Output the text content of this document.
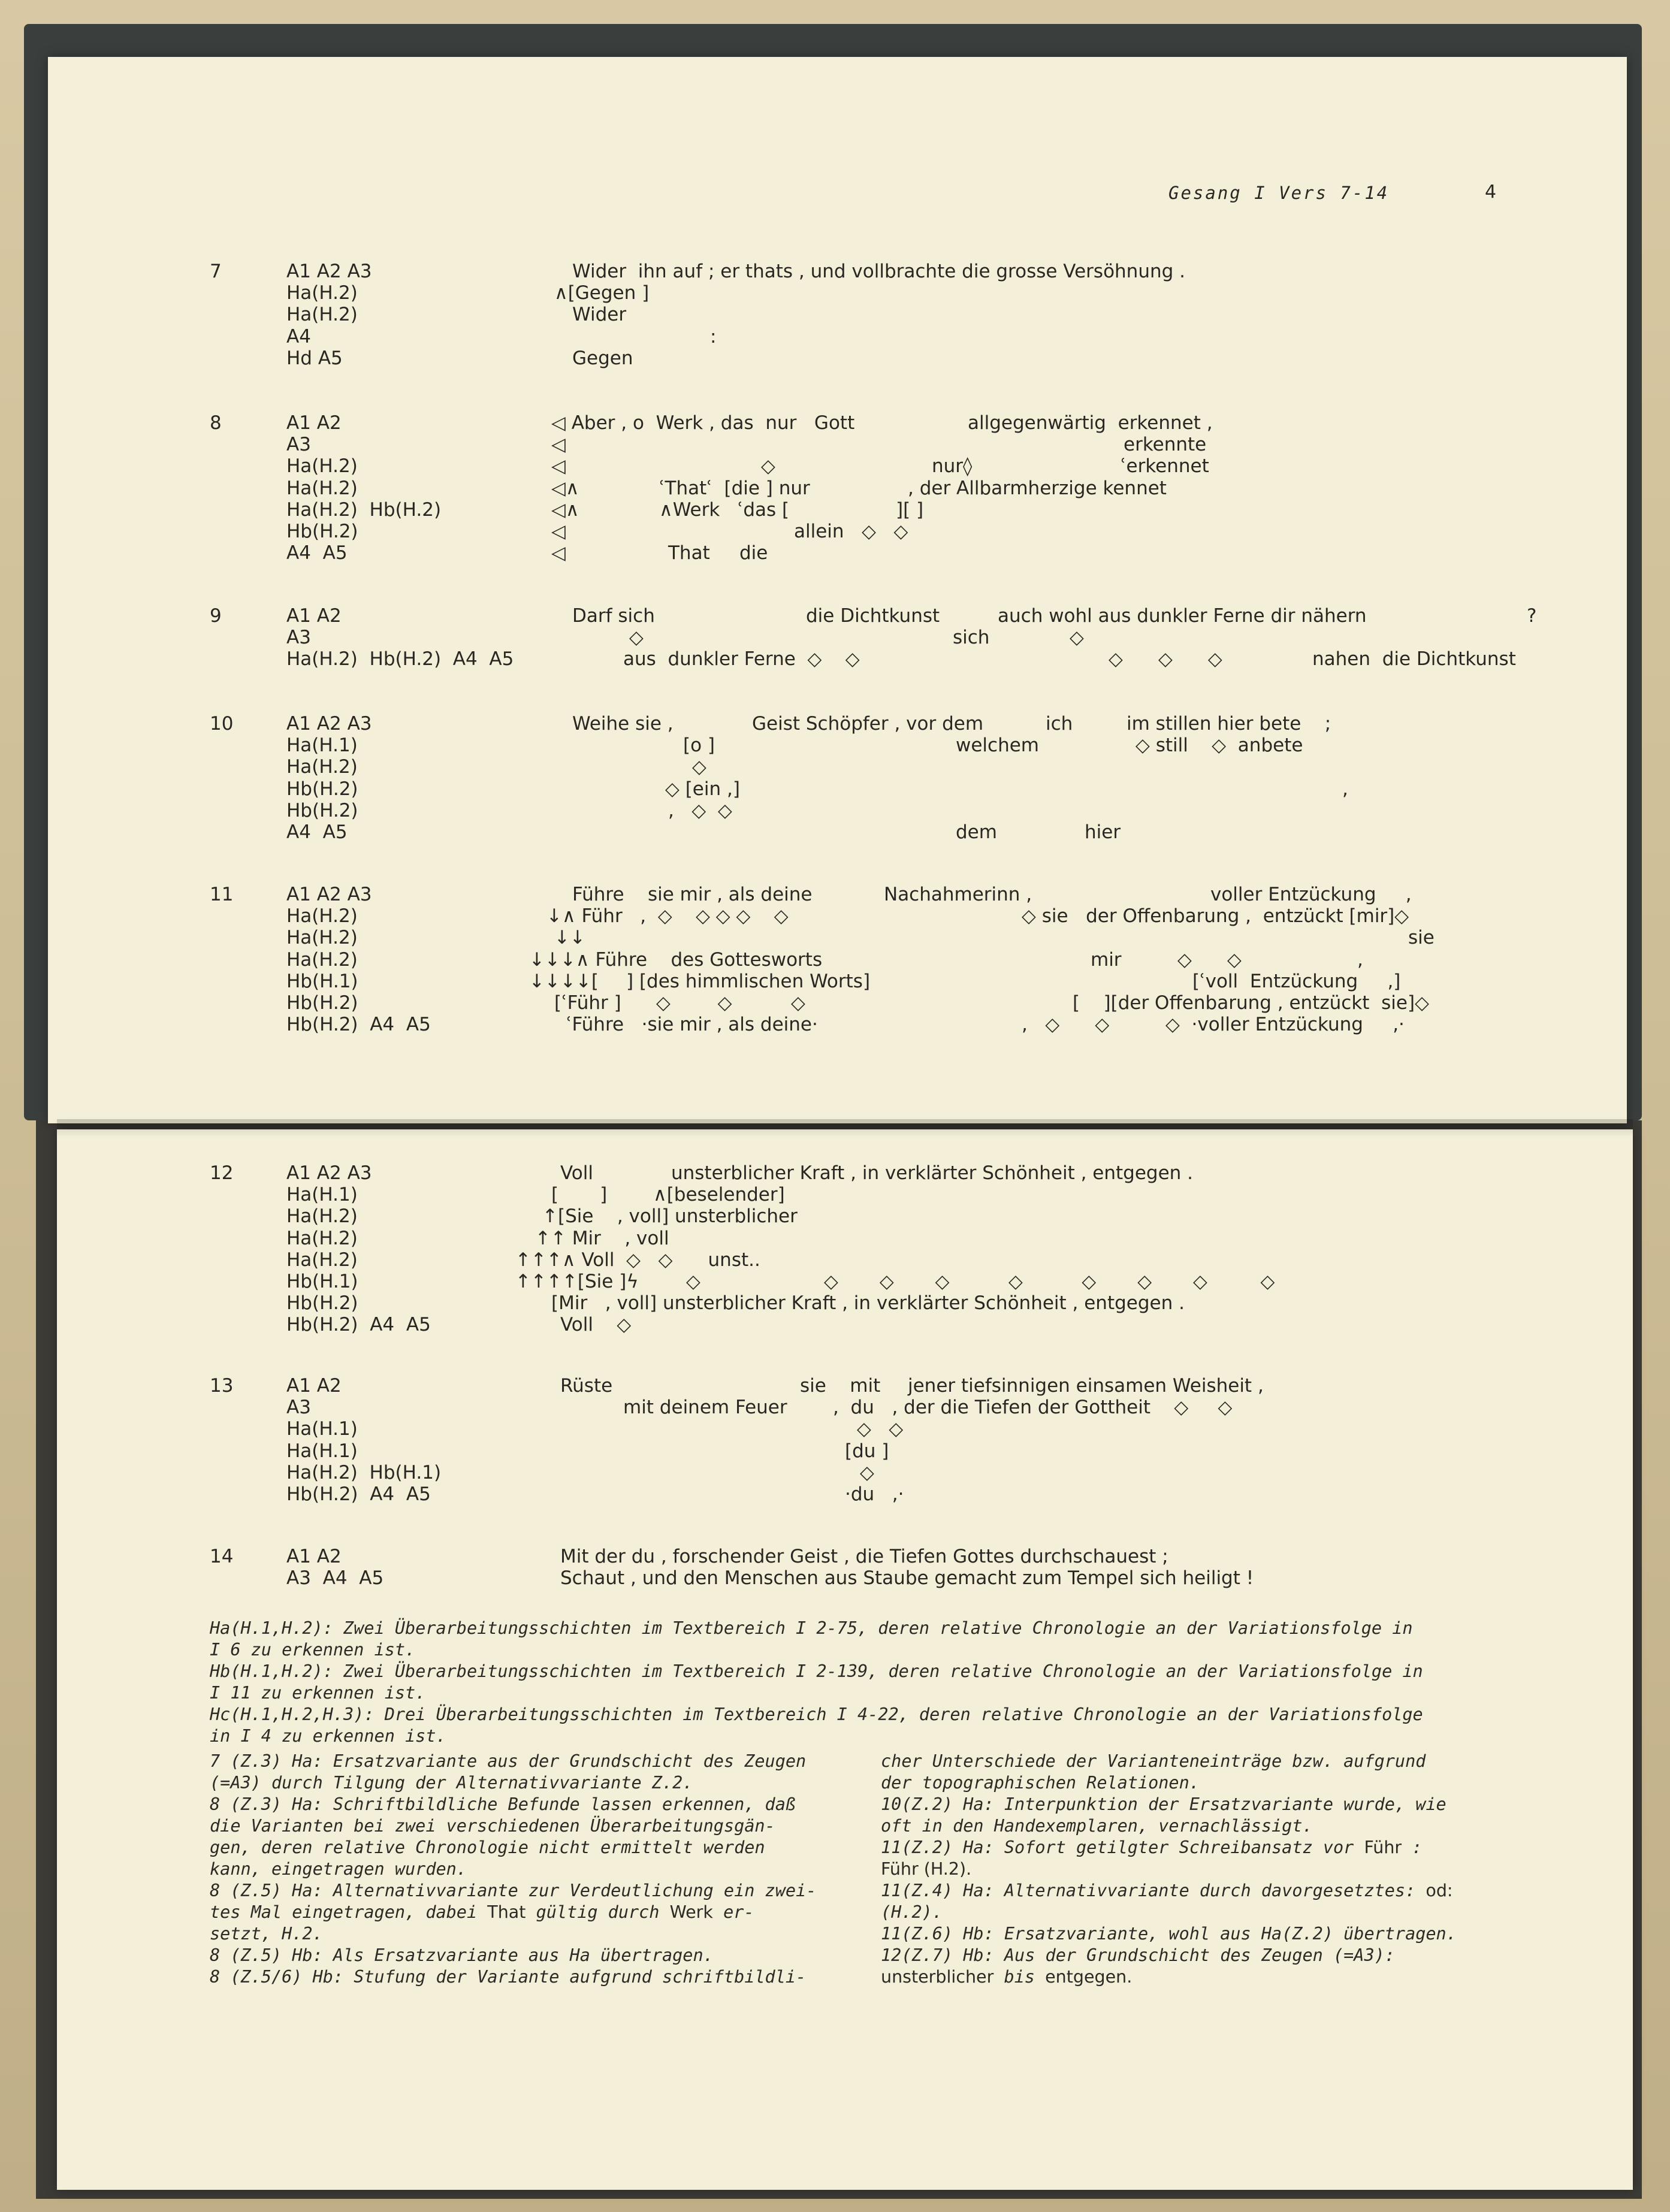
Gesang I Vers 7-14	4
7	A1 A2 A3	Wider  ihn auf ; er thats , und vollbrachte die grosse Versöhnung .
Ha(H.2)	∧[Gegen ]
Ha(H.2)	Wider
A4	:
Hd A5	Gegen
8	A1 A2	◁ Aber , o  Werk , das  nur   Gott	allgegenwärtig  erkennet ,
A3	◁	erkennte
Ha(H.2)	◁	◇	nur◊	ʿerkennet
Ha(H.2)	◁∧	ʿThatʿ  [die ] nur	, der Allbarmherzige kennet
Ha(H.2)  Hb(H.2)	◁∧	∧Werk   ʿdas [	][ ]
Hb(H.2)	◁	allein   ◇   ◇
A4  A5	◁	That     die
9	A1 A2	Darf sich	die Dichtkunst	auch wohl aus dunkler Ferne dir nähern	?
A3	◇	sich	◇
Ha(H.2)  Hb(H.2)  A4  A5	aus  dunkler Ferne  ◇    ◇	◇      ◇      ◇	nahen  die Dichtkunst
10	A1 A2 A3	Weihe sie ,	Geist Schöpfer , vor dem	ich	im stillen hier bete    ;
Ha(H.1)	[o ]	welchem	◇ still    ◇  anbete
Ha(H.2)	◇
Hb(H.2)	◇ [ein ,]	,
Hb(H.2)	,   ◇  ◇
A4  A5	dem	hier
11	A1 A2 A3	Führe    sie mir , als deine	Nachahmerinn ,	voller Entzückung     ,
Ha(H.2)	↓∧ Führ   ,  ◇    ◇ ◇ ◇    ◇	◇ sie   der Offenbarung ,  entzückt [mir]◇
Ha(H.2)	↓↓	sie
Ha(H.2)	↓↓↓∧ Führe    des Gottesworts	mir	◇      ◇	,
Hb(H.1)	↓↓↓↓[ ] [des himmlischen Worts]	[ʿvoll  Entzückung     ,]
Hb(H.2)	[ʿFühr ] ◇        ◇          ◇	[    ][der Offenbarung , entzückt  sie]◇
Hb(H.2)  A4  A5	ʿFühre   ·sie mir , als deine·	,   ◇      ◇	◇  ·voller Entzückung     ,·
12	A1 A2 A3	Voll	unsterblicher Kraft , in verklärter Schönheit , entgegen .
Ha(H.1)	[       ] ∧[beselender]
Ha(H.2)	↑[Sie    , voll] unsterblicher
Ha(H.2)	↑↑ Mir    , voll
Ha(H.2)	↑↑↑∧ Voll  ◇   ◇      unst..
Hb(H.1)	↑↑↑↑[Sie ]ϟ	◇	◇       ◇       ◇          ◇          ◇       ◇       ◇         ◇
Hb(H.2)	[Mir   , voll] unsterblicher Kraft , in verklärter Schönheit , entgegen .
Hb(H.2)  A4  A5	Voll    ◇
13	A1 A2	Rüste	sie    mit jener tiefsinnigen einsamen Weisheit ,
A3	mit deinem Feuer ,  du   , der die Tiefen der Gottheit    ◇     ◇
Ha(H.1)	◇   ◇
Ha(H.1)	[du ]
Ha(H.2)  Hb(H.1)	◇
Hb(H.2)  A4  A5	·du   ,·
14	A1 A2	Mit der du , forschender Geist , die Tiefen Gottes durchschauest ;
A3  A4  A5	Schaut , und den Menschen aus Staube gemacht zum Tempel sich heiligt !
Ha(H.1,H.2): Zwei Überarbeitungsschichten im Textbereich I 2-75, deren relative Chronologie an der Variationsfolge in
I 6 zu erkennen ist.
Hb(H.1,H.2): Zwei Überarbeitungsschichten im Textbereich I 2-139, deren relative Chronologie an der Variationsfolge in
I 11 zu erkennen ist.
Hc(H.1,H.2,H.3): Drei Überarbeitungsschichten im Textbereich I 4-22, deren relative Chronologie an der Variationsfolge
in I 4 zu erkennen ist.
7 (Z.3) Ha: Ersatzvariante aus der Grundschicht des Zeugen
(=A3) durch Tilgung der Alternativvariante Z.2.
8 (Z.3) Ha: Schriftbildliche Befunde lassen erkennen, daß
die Varianten bei zwei verschiedenen Überarbeitungsgän-
gen, deren relative Chronologie nicht ermittelt werden
kann, eingetragen wurden.
8 (Z.5) Ha: Alternativvariante zur Verdeutlichung ein zwei-
tes Mal eingetragen, dabei That gültig durch Werk er-
setzt, H.2.
8 (Z.5) Hb: Als Ersatzvariante aus Ha übertragen.
8 (Z.5/6) Hb: Stufung der Variante aufgrund schriftbildli-
cher Unterschiede der Varianteneinträge bzw. aufgrund
der topographischen Relationen.
10(Z.2) Ha: Interpunktion der Ersatzvariante wurde, wie
oft in den Handexemplaren, vernachlässigt.
11(Z.2) Ha: Sofort getilgter Schreibansatz vor Führ :
Führ (H.2).
11(Z.4) Ha: Alternativvariante durch davorgesetztes: od:
(H.2).
11(Z.6) Hb: Ersatzvariante, wohl aus Ha(Z.2) übertragen.
12(Z.7) Hb: Aus der Grundschicht des Zeugen (=A3):
unsterblicher bis entgegen.
